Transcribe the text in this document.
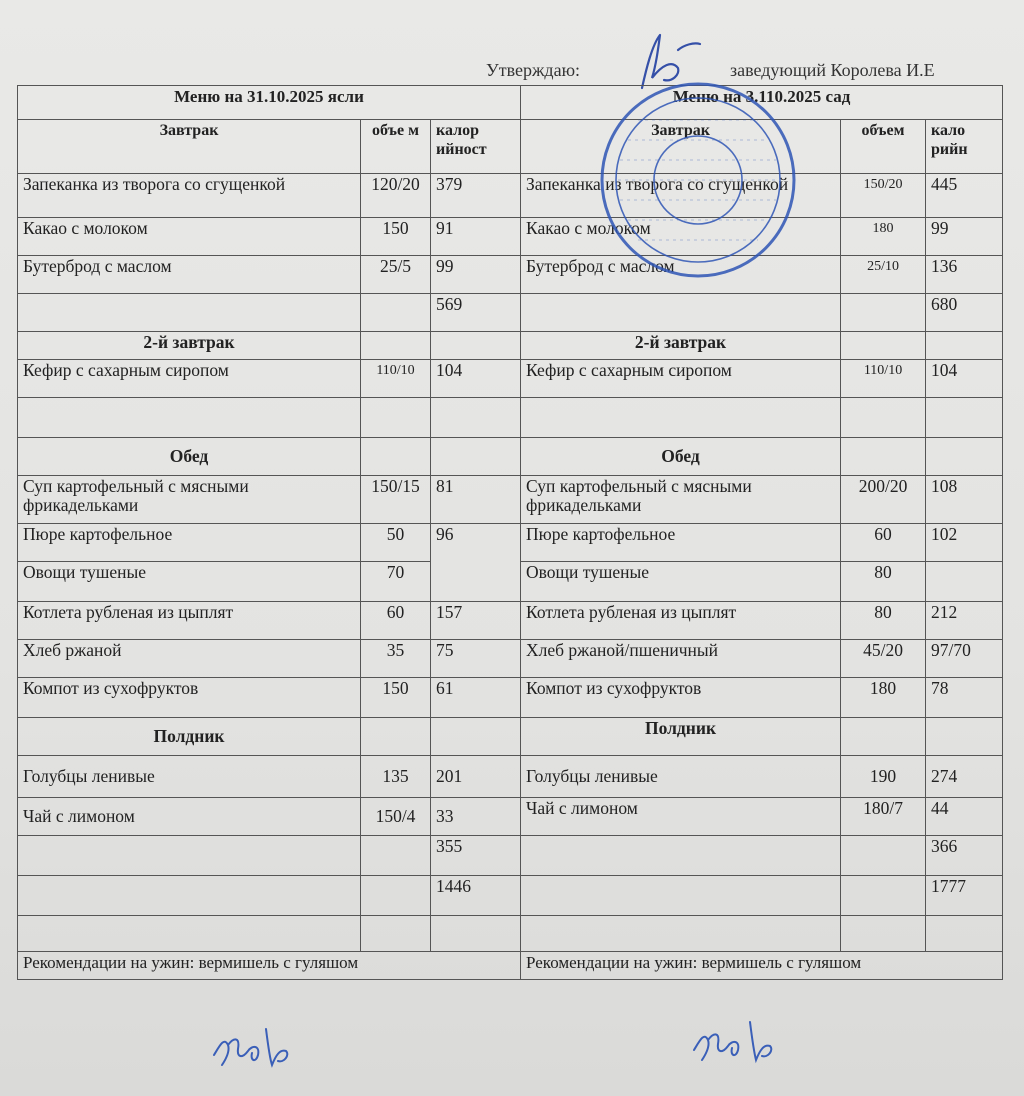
Утверждаю:	заведующий Королева И.Е
Меню на 31.10.2025 ясли			Меню на 3.110.2025 сад		
Завтрак	объе м	калор ийност	Завтрак	объем	кало рийн
Запеканка из творога со сгущенкой	120/20	379	Запеканка из творога со сгущенкой	150/20	445
Какао с молоком	150	91	Какао с молоком	180	99
Бутерброд с маслом	25/5	99	Бутерброд с маслом	25/10	136
		569			680
2-й завтрак			2-й завтрак		
Кефир с сахарным сиропом	110/10	104	Кефир с сахарным сиропом	110/10	104

Обед			Обед		
Суп картофельный с мясными фрикадельками	150/15	81	Суп картофельный с мясными фрикадельками	200/20	108
Пюре картофельное	50	96	Пюре картофельное	60	102
Овощи тушеные	70		Овощи тушеные	80	
Котлета рубленая из цыплят	60	157	Котлета рубленая из цыплят	80	212
Хлеб ржаной	35	75	Хлеб ржаной/пшеничный	45/20	97/70
Компот из сухофруктов	150	61	Компот из сухофруктов	180	78
Полдник			Полдник		
Голубцы ленивые	135	201	Голубцы ленивые	190	274
Чай с лимоном	150/4	33	Чай с лимоном	180/7	44
		355			366
		1446			1777

Рекомендации на ужин: вермишель с гуляшом			Рекомендации на ужин: вермишель с гуляшом		
